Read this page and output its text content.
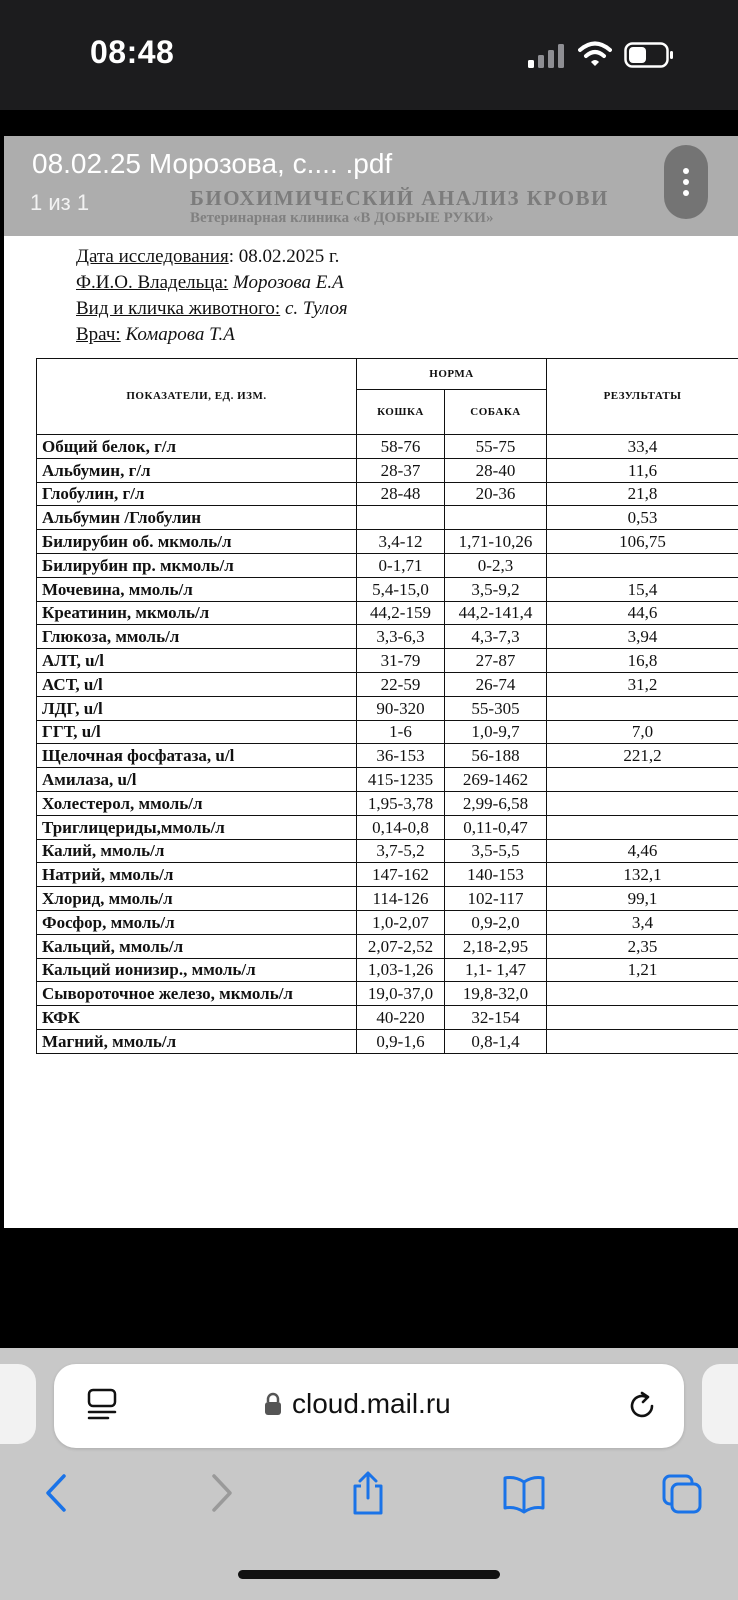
08:48
Дата исследования: 08.02.2025 г.
Ф.И.О. Владельца: Морозова Е.А
Вид и кличка животного: с. Тулоя
Врач: Комарова Т.А
ПОКАЗАТЕЛИ, ЕД. ИЗМ.	НОРМА		РЕЗУЛЬТАТЫ
	КОШКА	СОБАКА	
Общий белок, г/л	58-76	55-75	33,4
Альбумин, г/л	28-37	28-40	11,6
Глобулин, г/л	28-48	20-36	21,8
Альбумин /Глобулин			0,53
Билирубин об. мкмоль/л	3,4-12	1,71-10,26	106,75
Билирубин пр. мкмоль/л	0-1,71	0-2,3	
Мочевина, ммоль/л	5,4-15,0	3,5-9,2	15,4
Креатинин, мкмоль/л	44,2-159	44,2-141,4	44,6
Глюкоза, ммоль/л	3,3-6,3	4,3-7,3	3,94
АЛТ, u/l	31-79	27-87	16,8
АСТ, u/l	22-59	26-74	31,2
ЛДГ, u/l	90-320	55-305	
ГГТ, u/l	1-6	1,0-9,7	7,0
Щелочная фосфатаза, u/l	36-153	56-188	221,2
Амилаза, u/l	415-1235	269-1462	
Холестерол, ммоль/л	1,95-3,78	2,99-6,58	
Триглицериды,ммоль/л	0,14-0,8	0,11-0,47	
Калий, ммоль/л	3,7-5,2	3,5-5,5	4,46
Натрий, ммоль/л	147-162	140-153	132,1
Хлорид, ммоль/л	114-126	102-117	99,1
Фосфор, ммоль/л	1,0-2,07	0,9-2,0	3,4
Кальций, ммоль/л	2,07-2,52	2,18-2,95	2,35
Кальций ионизир., ммоль/л	1,03-1,26	1,1- 1,47	1,21
Сывороточное железо, мкмоль/л	19,0-37,0	19,8-32,0	
КФК	40-220	32-154	
Магний, ммоль/л	0,9-1,6	0,8-1,4	
08.02.25 Морозова, с.... .pdf
1 из 1
cloud.mail.ru
